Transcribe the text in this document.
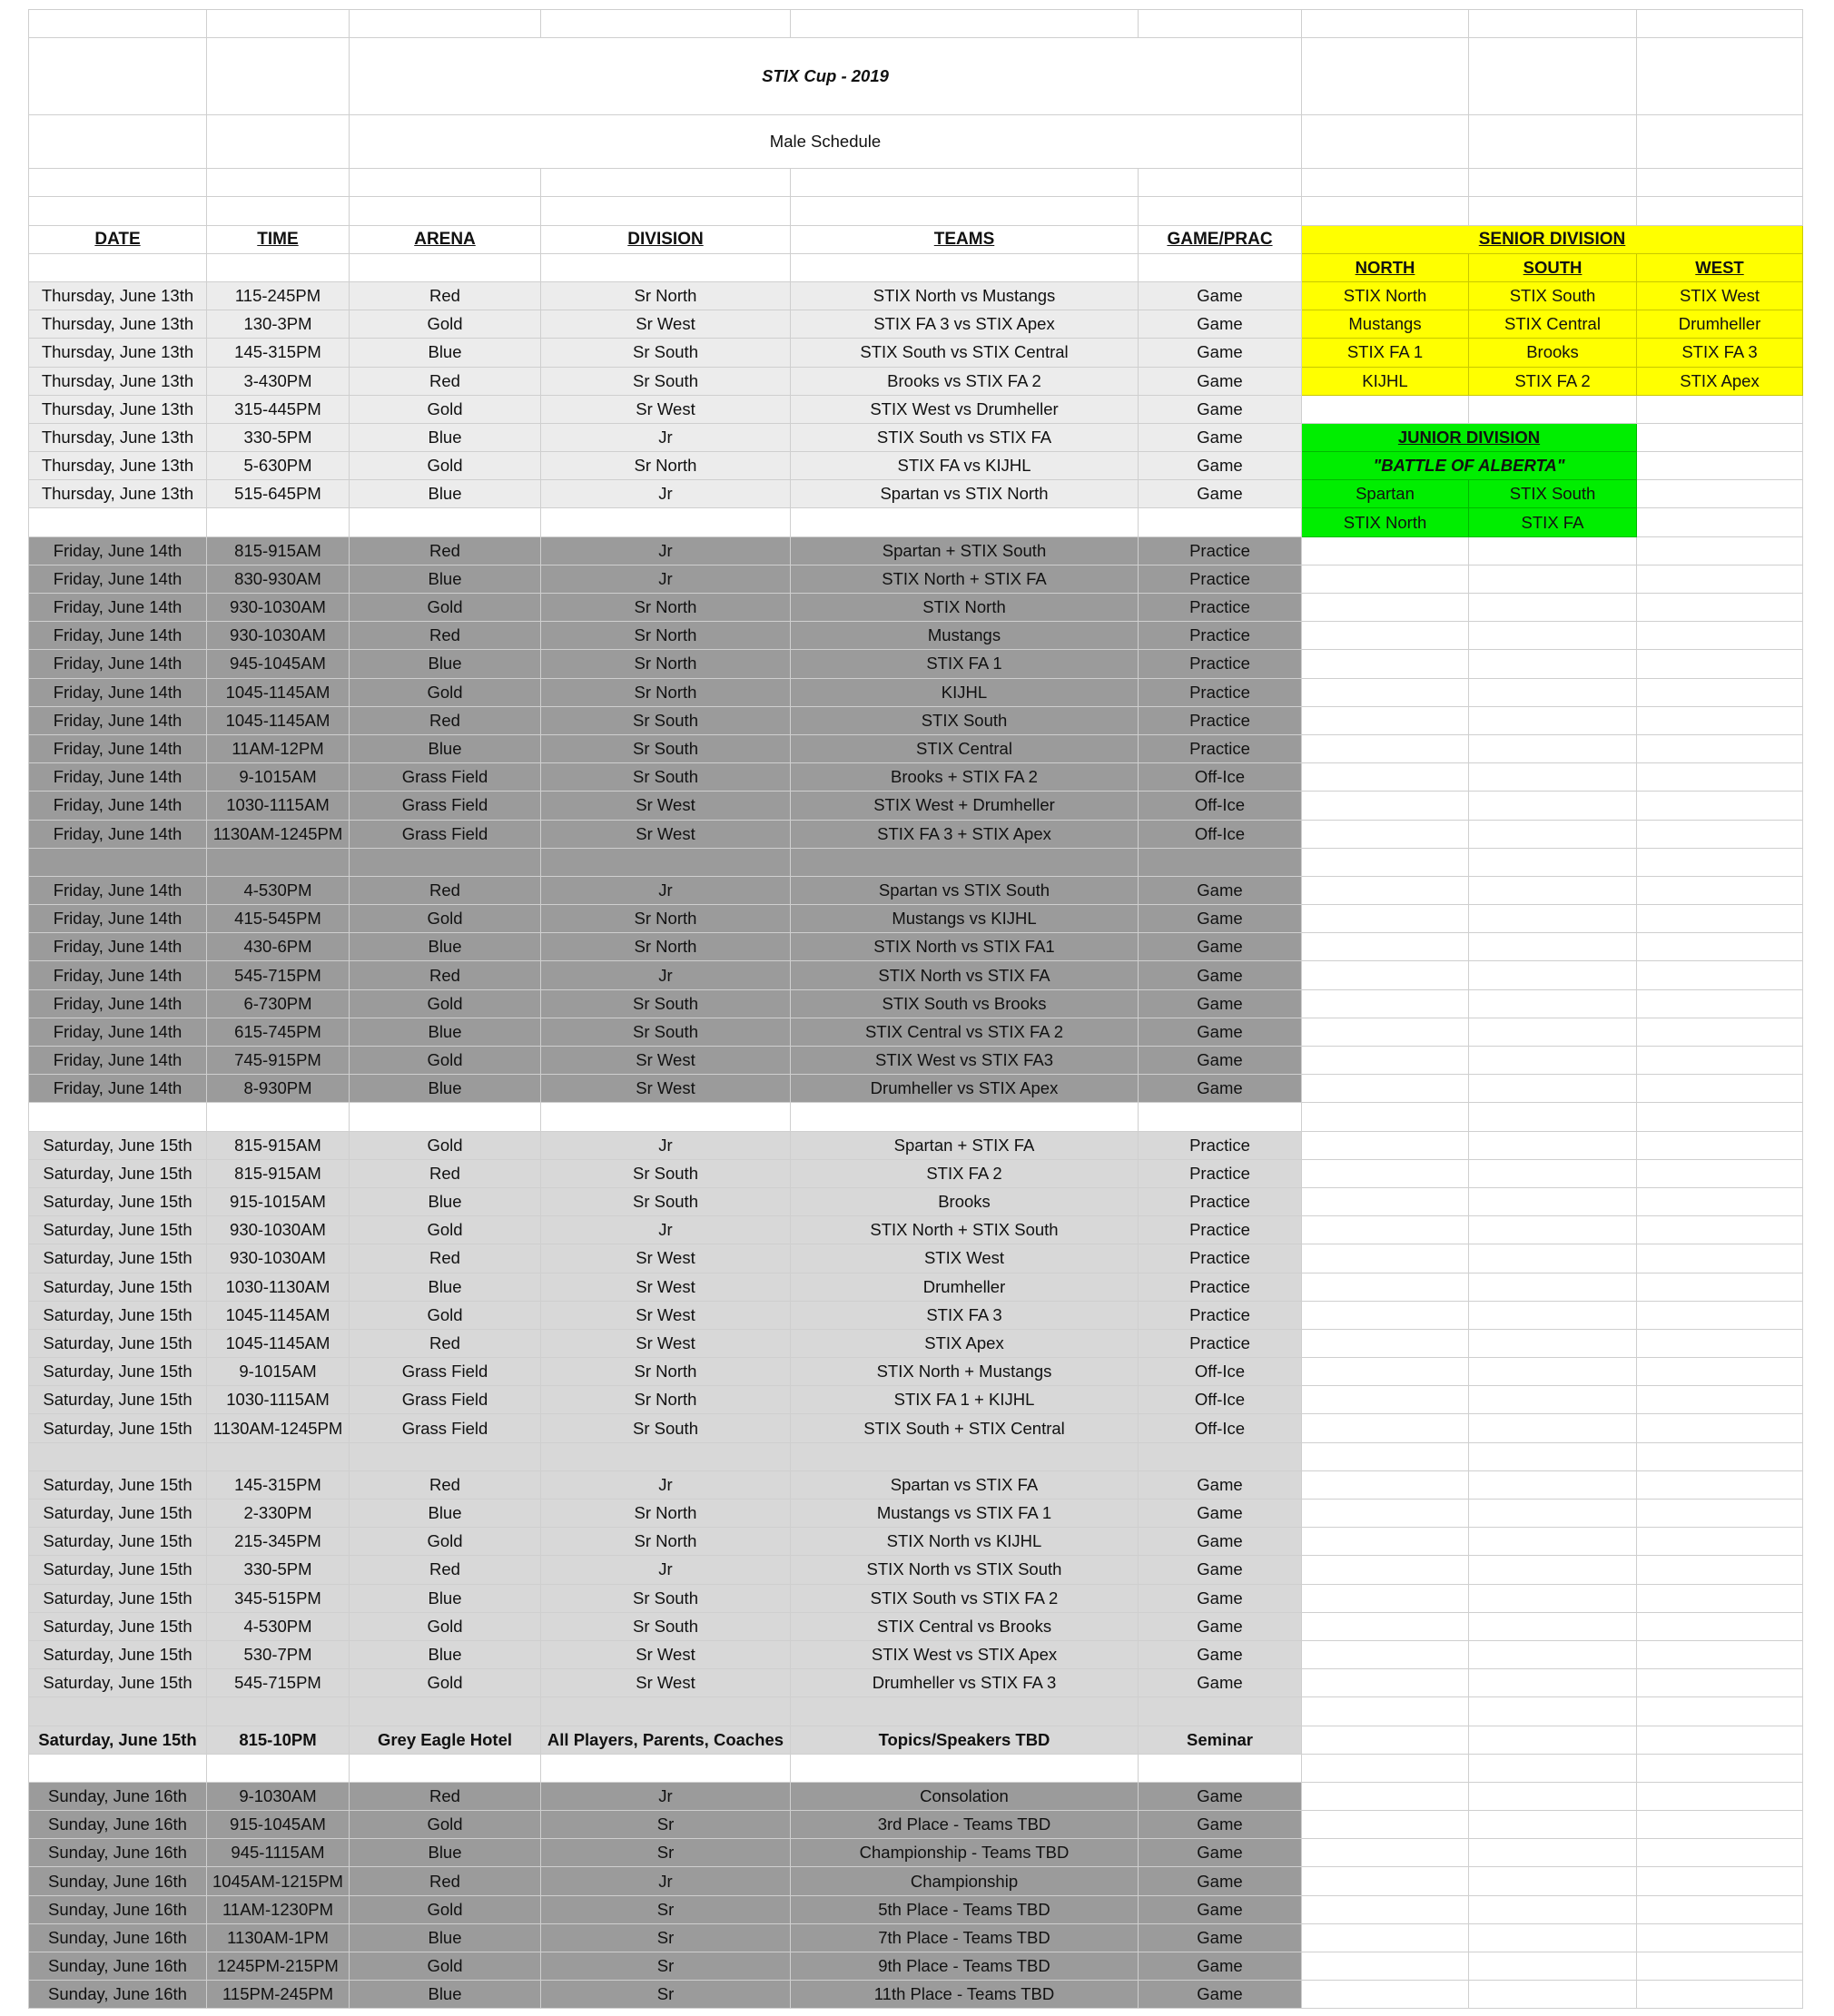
		STIX Cup - 2019						
		Male Schedule						

DATE	TIME	ARENA	DIVISION	TEAMS	GAME/PRAC	SENIOR DIVISION		
						NORTH	SOUTH	WEST
Thursday, June 13th	115-245PM	Red	Sr North	STIX North vs Mustangs	Game	STIX North	STIX South	STIX West
Thursday, June 13th	130-3PM	Gold	Sr West	STIX FA 3 vs STIX Apex	Game	Mustangs	STIX Central	Drumheller
Thursday, June 13th	145-315PM	Blue	Sr South	STIX South vs STIX Central	Game	STIX FA 1	Brooks	STIX FA 3
Thursday, June 13th	3-430PM	Red	Sr South	Brooks vs STIX FA 2	Game	KIJHL	STIX FA 2	STIX Apex
Thursday, June 13th	315-445PM	Gold	Sr West	STIX West vs Drumheller	Game			
Thursday, June 13th	330-5PM	Blue	Jr	STIX South vs STIX FA	Game	JUNIOR DIVISION		
Thursday, June 13th	5-630PM	Gold	Sr North	STIX FA vs KIJHL	Game	"BATTLE OF ALBERTA"		
Thursday, June 13th	515-645PM	Blue	Jr	Spartan vs STIX North	Game	Spartan	STIX South	
						STIX North	STIX FA	
Friday, June 14th	815-915AM	Red	Jr	Spartan + STIX South	Practice			
Friday, June 14th	830-930AM	Blue	Jr	STIX North + STIX FA	Practice			
Friday, June 14th	930-1030AM	Gold	Sr North	STIX North	Practice			
Friday, June 14th	930-1030AM	Red	Sr North	Mustangs	Practice			
Friday, June 14th	945-1045AM	Blue	Sr North	STIX FA 1	Practice			
Friday, June 14th	1045-1145AM	Gold	Sr North	KIJHL	Practice			
Friday, June 14th	1045-1145AM	Red	Sr South	STIX South	Practice			
Friday, June 14th	11AM-12PM	Blue	Sr South	STIX Central	Practice			
Friday, June 14th	9-1015AM	Grass Field	Sr South	Brooks + STIX FA 2	Off-Ice			
Friday, June 14th	1030-1115AM	Grass Field	Sr West	STIX West + Drumheller	Off-Ice			
Friday, June 14th	1130AM-1245PM	Grass Field	Sr West	STIX FA 3 + STIX Apex	Off-Ice			

Friday, June 14th	4-530PM	Red	Jr	Spartan vs STIX South	Game			
Friday, June 14th	415-545PM	Gold	Sr North	Mustangs vs KIJHL	Game			
Friday, June 14th	430-6PM	Blue	Sr North	STIX North vs STIX FA1	Game			
Friday, June 14th	545-715PM	Red	Jr	STIX North vs STIX FA	Game			
Friday, June 14th	6-730PM	Gold	Sr South	STIX South vs Brooks	Game			
Friday, June 14th	615-745PM	Blue	Sr South	STIX Central vs STIX FA 2	Game			
Friday, June 14th	745-915PM	Gold	Sr West	STIX West vs STIX FA3	Game			
Friday, June 14th	8-930PM	Blue	Sr West	Drumheller vs STIX Apex	Game			

Saturday, June 15th	815-915AM	Gold	Jr	Spartan + STIX FA	Practice			
Saturday, June 15th	815-915AM	Red	Sr South	STIX FA 2	Practice			
Saturday, June 15th	915-1015AM	Blue	Sr South	Brooks	Practice			
Saturday, June 15th	930-1030AM	Gold	Jr	STIX North + STIX South	Practice			
Saturday, June 15th	930-1030AM	Red	Sr West	STIX West	Practice			
Saturday, June 15th	1030-1130AM	Blue	Sr West	Drumheller	Practice			
Saturday, June 15th	1045-1145AM	Gold	Sr West	STIX FA 3	Practice			
Saturday, June 15th	1045-1145AM	Red	Sr West	STIX Apex	Practice			
Saturday, June 15th	9-1015AM	Grass Field	Sr North	STIX North + Mustangs	Off-Ice			
Saturday, June 15th	1030-1115AM	Grass Field	Sr North	STIX FA 1 + KIJHL	Off-Ice			
Saturday, June 15th	1130AM-1245PM	Grass Field	Sr South	STIX South + STIX Central	Off-Ice			

Saturday, June 15th	145-315PM	Red	Jr	Spartan vs STIX FA	Game			
Saturday, June 15th	2-330PM	Blue	Sr North	Mustangs vs STIX FA 1	Game			
Saturday, June 15th	215-345PM	Gold	Sr North	STIX North vs KIJHL	Game			
Saturday, June 15th	330-5PM	Red	Jr	STIX North vs STIX South	Game			
Saturday, June 15th	345-515PM	Blue	Sr South	STIX South vs STIX FA 2	Game			
Saturday, June 15th	4-530PM	Gold	Sr South	STIX Central vs Brooks	Game			
Saturday, June 15th	530-7PM	Blue	Sr West	STIX West vs STIX Apex	Game			
Saturday, June 15th	545-715PM	Gold	Sr West	Drumheller vs STIX FA 3	Game			

Saturday, June 15th	815-10PM	Grey Eagle Hotel	All Players, Parents, Coaches	Topics/Speakers TBD	Seminar			

Sunday, June 16th	9-1030AM	Red	Jr	Consolation	Game			
Sunday, June 16th	915-1045AM	Gold	Sr	3rd Place - Teams TBD	Game			
Sunday, June 16th	945-1115AM	Blue	Sr	Championship - Teams TBD	Game			
Sunday, June 16th	1045AM-1215PM	Red	Jr	Championship	Game			
Sunday, June 16th	11AM-1230PM	Gold	Sr	5th Place - Teams TBD	Game			
Sunday, June 16th	1130AM-1PM	Blue	Sr	7th Place - Teams TBD	Game			
Sunday, June 16th	1245PM-215PM	Gold	Sr	9th Place - Teams TBD	Game			
Sunday, June 16th	115PM-245PM	Blue	Sr	11th Place - Teams TBD	Game			
